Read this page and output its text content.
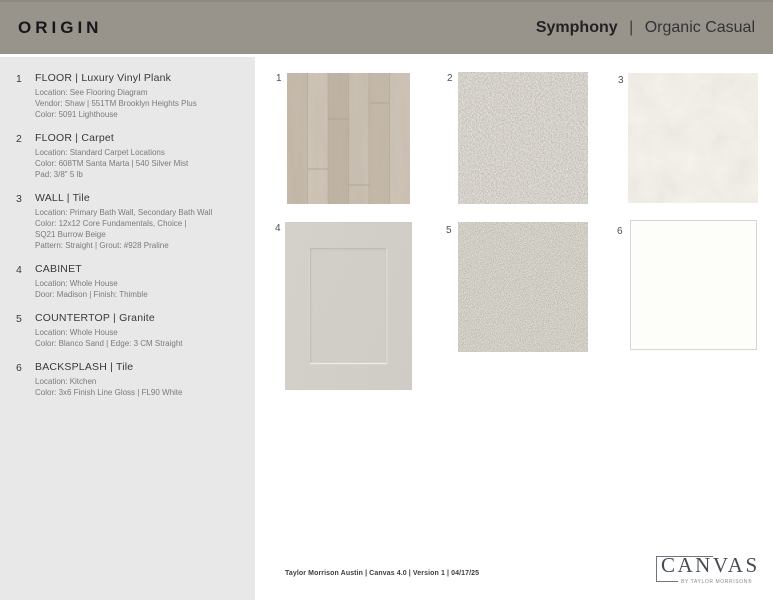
ORIGIN	Symphony | Organic Casual
1	FLOOR | Luxury Vinyl Plank
Location: See Flooring Diagram
Vendor: Shaw | 551TM Brooklyn Heights Plus
Color: 5091 Lighthouse
2	FLOOR | Carpet
Location: Standard Carpet Locations
Color: 608TM Santa Marta | 540 Silver Mist
Pad: 3/8" 5 lb
3	WALL | Tile
Location: Primary Bath Wall, Secondary Bath Wall
Color: 12x12 Core Fundamentals, Choice |
SQ21 Burrow Beige
Pattern: Straight | Grout: #928 Praline
4	CABINET
Location: Whole House
Door: Madison | Finish: Thimble
5	COUNTERTOP | Granite
Location: Whole House
Color: Blanco Sand | Edge: 3 CM Straight
6	BACKSPLASH | Tile
Location: Kitchen
Color: 3x6 Finish Line Gloss | FL90 White
1	2	3
4	5	6
Taylor Morrison Austin | Canvas 4.0 | Version 1 | 04/17/25	CANVAS
BY TAYLOR MORRISON®
